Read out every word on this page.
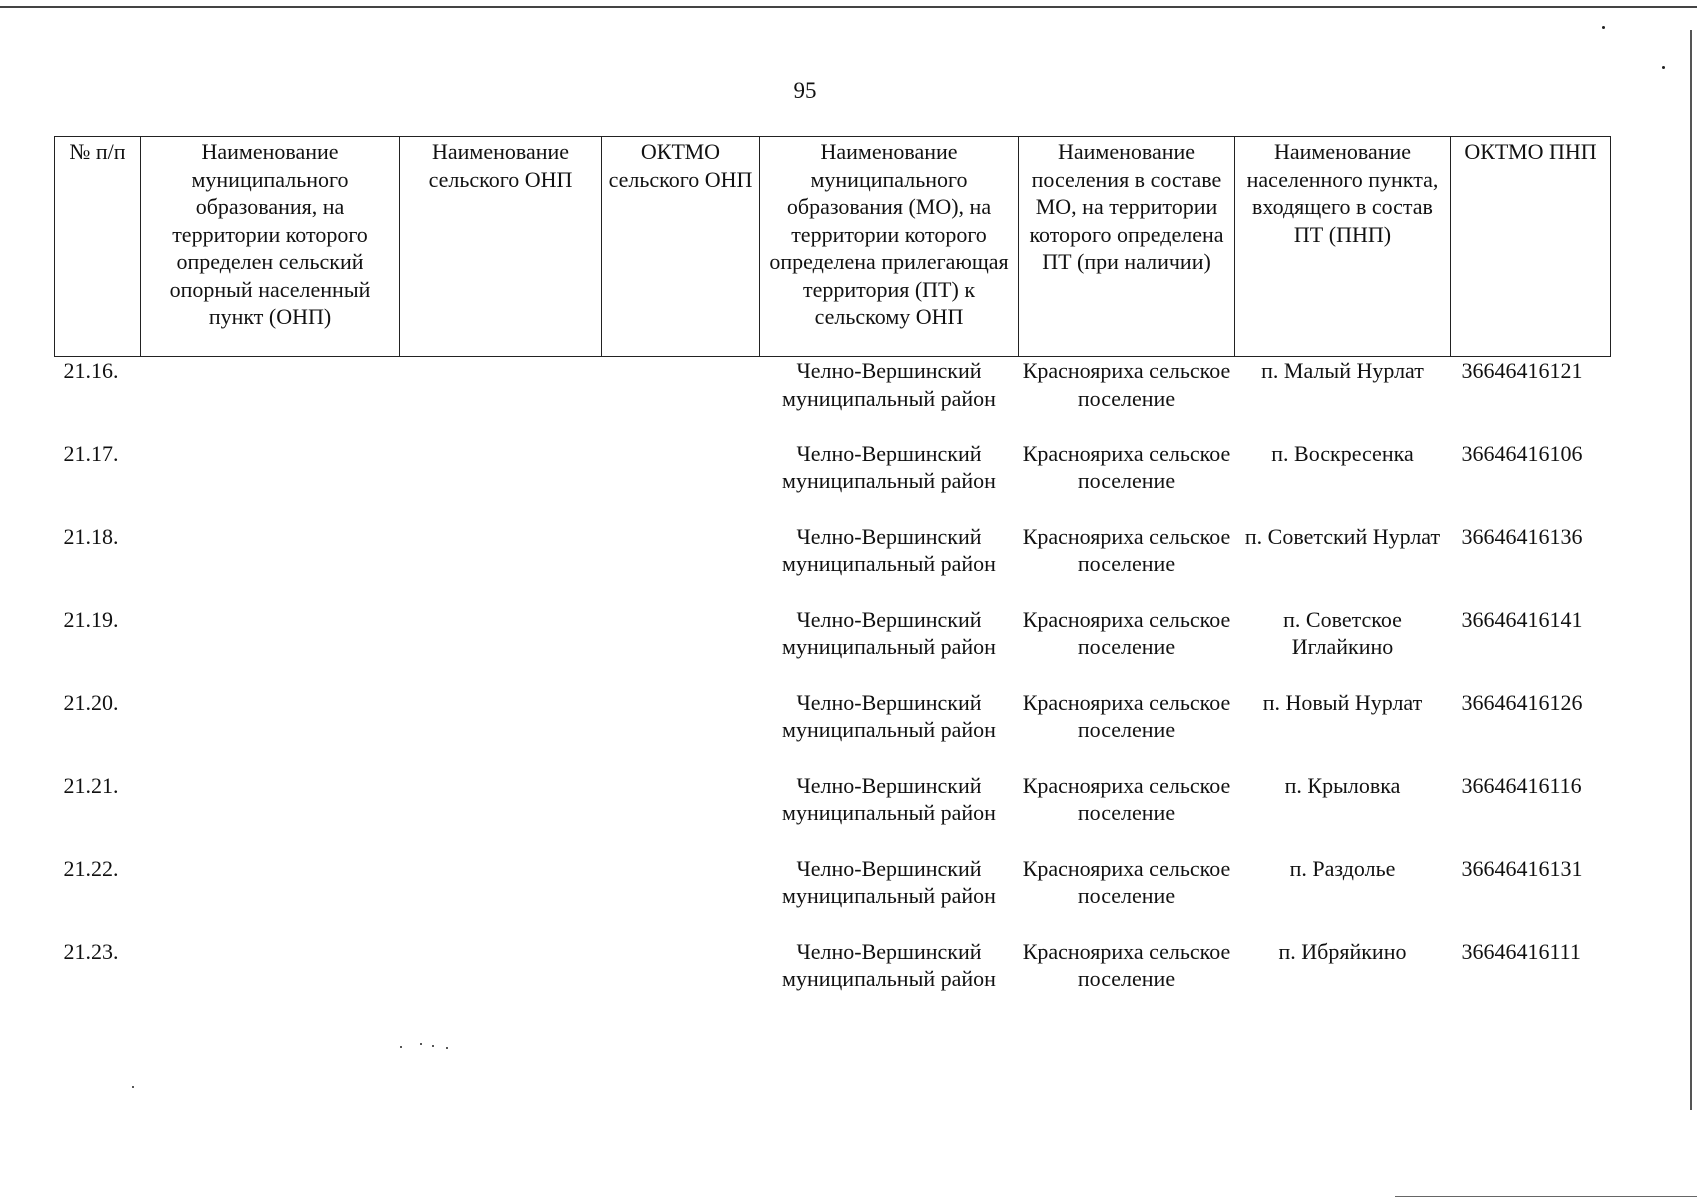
95
№ п/п	Наименование муниципального образования, на территории которого определен сельский опорный населенный пункт (ОНП)	Наименование сельского ОНП	ОКТМО сельского ОНП	Наименование муниципального образования (МО), на территории которого определена прилегающая территория (ПТ) к сельскому ОНП	Наименование поселения в составе МО, на территории которого определена ПТ (при наличии)	Наименование населенного пункта, входящего в состав ПТ (ПНП)	ОКТМО ПНП
21.16.				Челно-Вершинский муниципальный район	Краснояриха сельское поселение	п. Малый Нурлат	36646416121
21.17.				Челно-Вершинский муниципальный район	Краснояриха сельское поселение	п. Воскресенка	36646416106
21.18.				Челно-Вершинский муниципальный район	Краснояриха сельское поселение	п. Советский Нурлат	36646416136
21.19.				Челно-Вершинский муниципальный район	Краснояриха сельское поселение	п. Советское Иглайкино	36646416141
21.20.				Челно-Вершинский муниципальный район	Краснояриха сельское поселение	п. Новый Нурлат	36646416126
21.21.				Челно-Вершинский муниципальный район	Краснояриха сельское поселение	п. Крыловка	36646416116
21.22.				Челно-Вершинский муниципальный район	Краснояриха сельское поселение	п. Раздолье	36646416131
21.23.				Челно-Вершинский муниципальный район	Краснояриха сельское поселение	п. Ибряйкино	36646416111
